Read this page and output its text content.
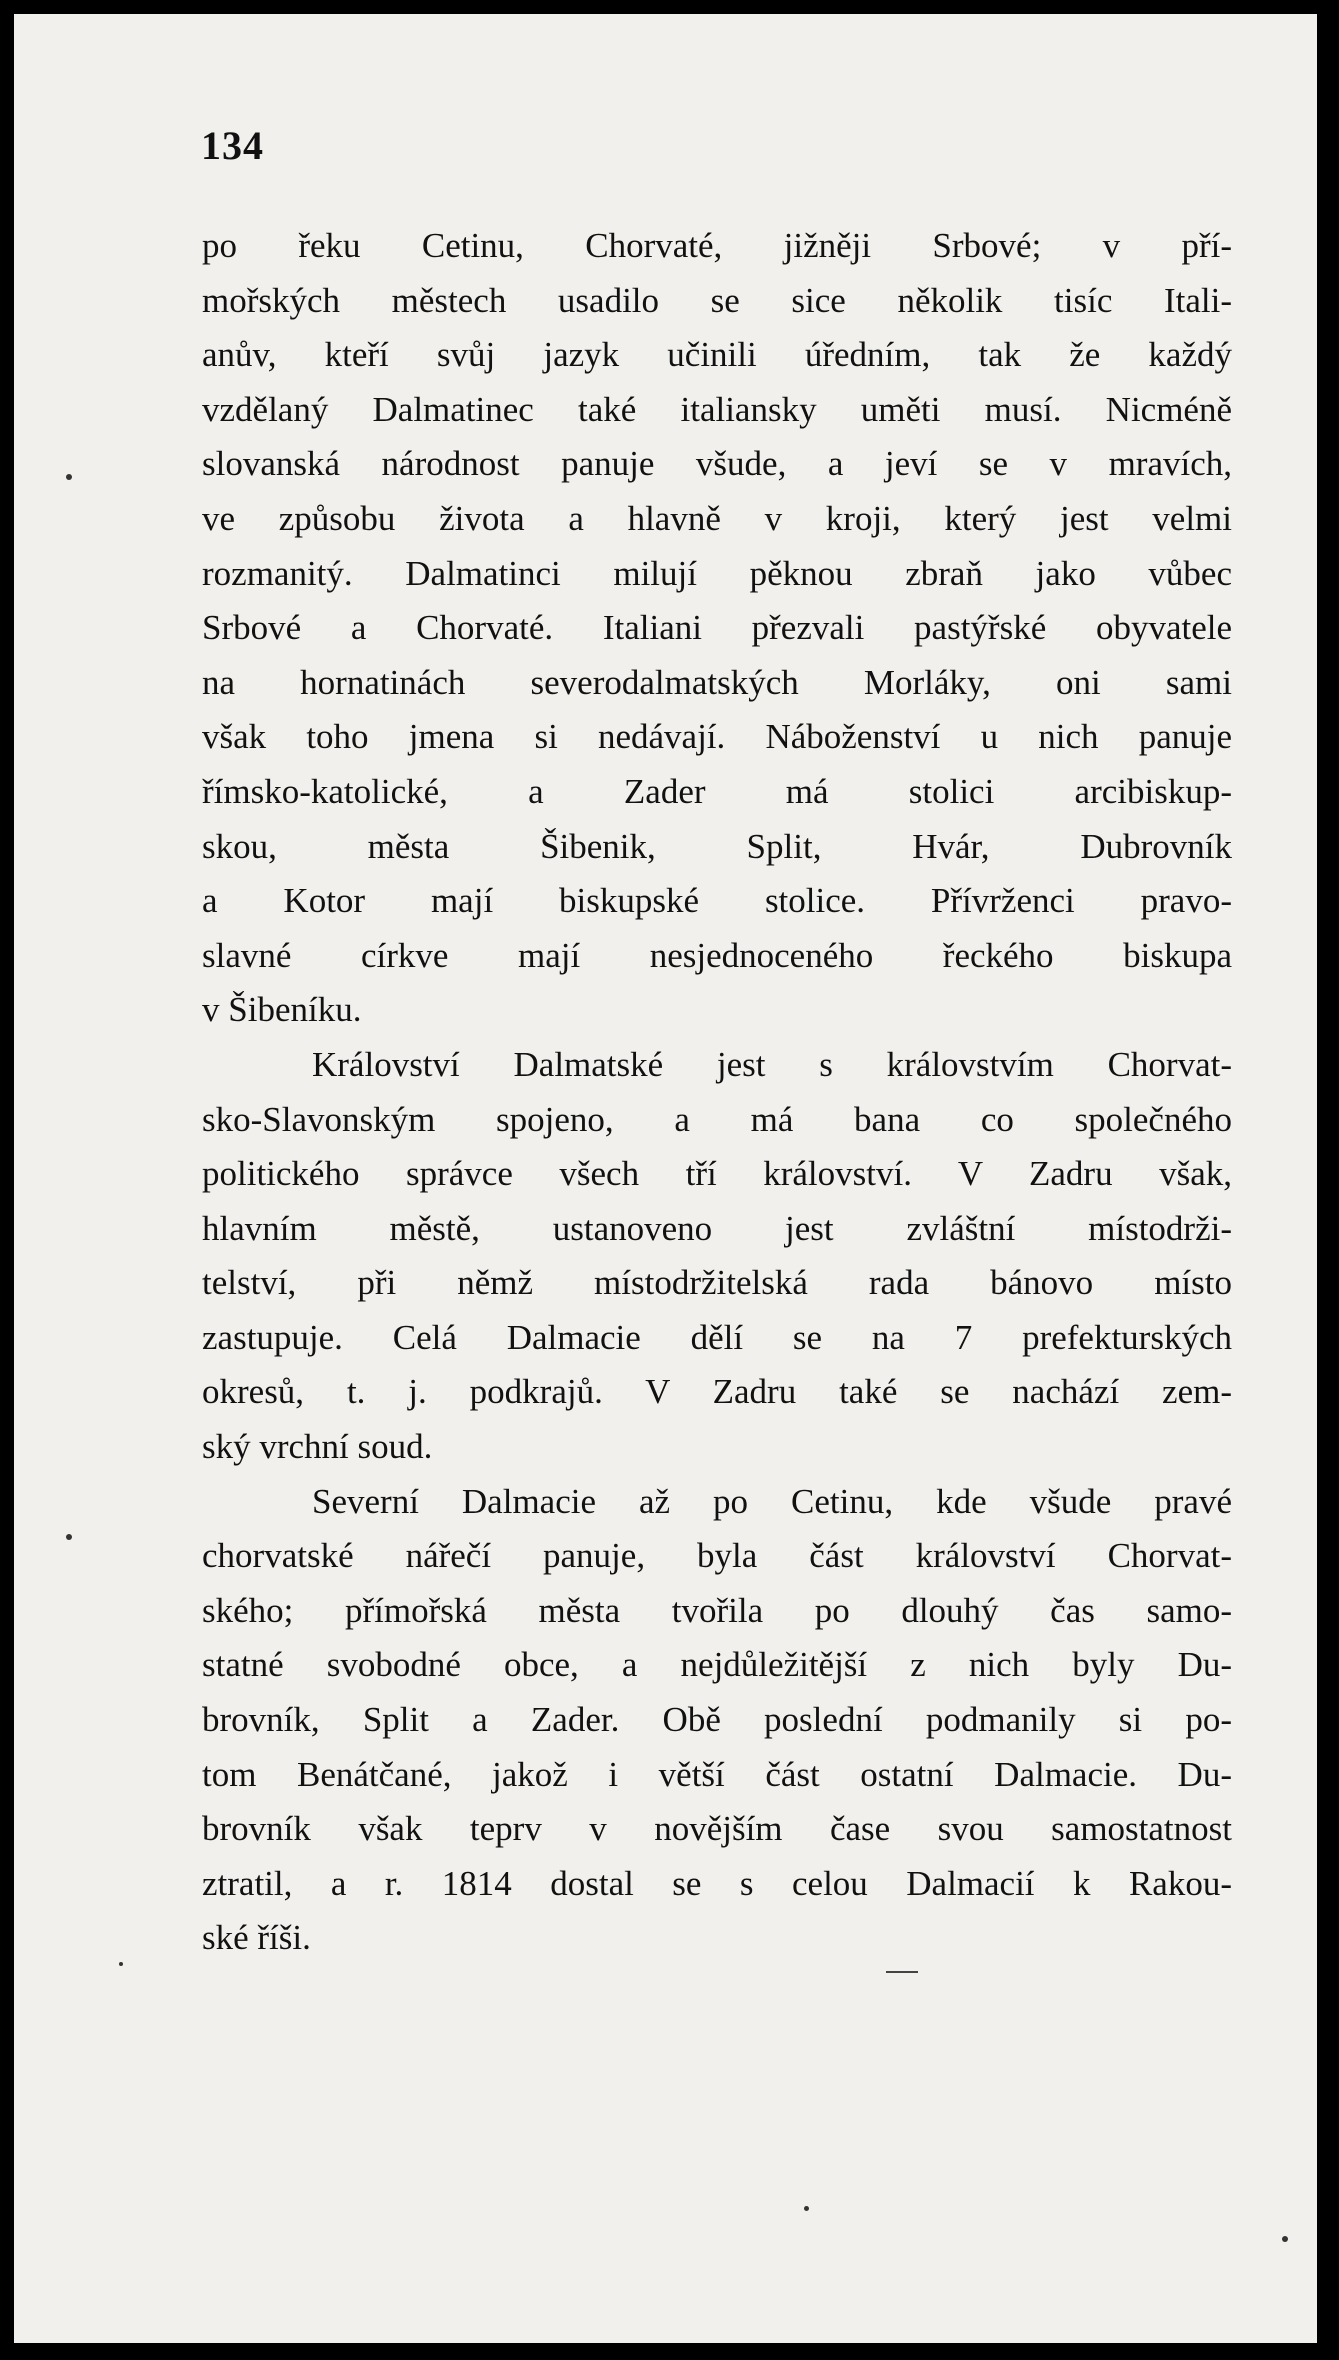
134
po řeku Cetinu, Chorvaté, jižněji Srbové; v pří-
mořských městech usadilo se sice několik tisíc Itali-
anův, kteří svůj jazyk učinili úředním, tak že každý
vzdělaný Dalmatinec také italiansky uměti musí. Nicméně
slovanská národnost panuje všude, a jeví se v mravích,
ve způsobu života a hlavně v kroji, který jest velmi
rozmanitý. Dalmatinci milují pěknou zbraň jako vůbec
Srbové a Chorvaté. Italiani přezvali pastýřské obyvatele
na hornatinách severodalmatských Morláky, oni sami
však toho jmena si nedávají. Náboženství u nich panuje
římsko-katolické, a Zader má stolici arcibiskup-
skou, města Šibenik, Split, Hvár, Dubrovník
a Kotor mají biskupské stolice. Přívrženci pravo-
slavné církve mají nesjednoceného řeckého biskupa
v Šibeníku.
Království Dalmatské jest s královstvím Chorvat-
sko-Slavonským spojeno, a má bana co společného
politického správce všech tří království. V Zadru však,
hlavním městě, ustanoveno jest zvláštní místodrži-
telství, při němž místodržitelská rada bánovo místo
zastupuje. Celá Dalmacie dělí se na 7 prefekturských
okresů, t. j. podkrajů. V Zadru také se nachází zem-
ský vrchní soud.
Severní Dalmacie až po Cetinu, kde všude pravé
chorvatské nářečí panuje, byla část království Chorvat-
ského; přímořská města tvořila po dlouhý čas samo-
statné svobodné obce, a nejdůležitější z nich byly Du-
brovník, Split a Zader. Obě poslední podmanily si po-
tom Benátčané, jakož i větší část ostatní Dalmacie. Du-
brovník však teprv v novějším čase svou samostatnost
ztratil, a r. 1814 dostal se s celou Dalmacií k Rakou-
ské říši.
